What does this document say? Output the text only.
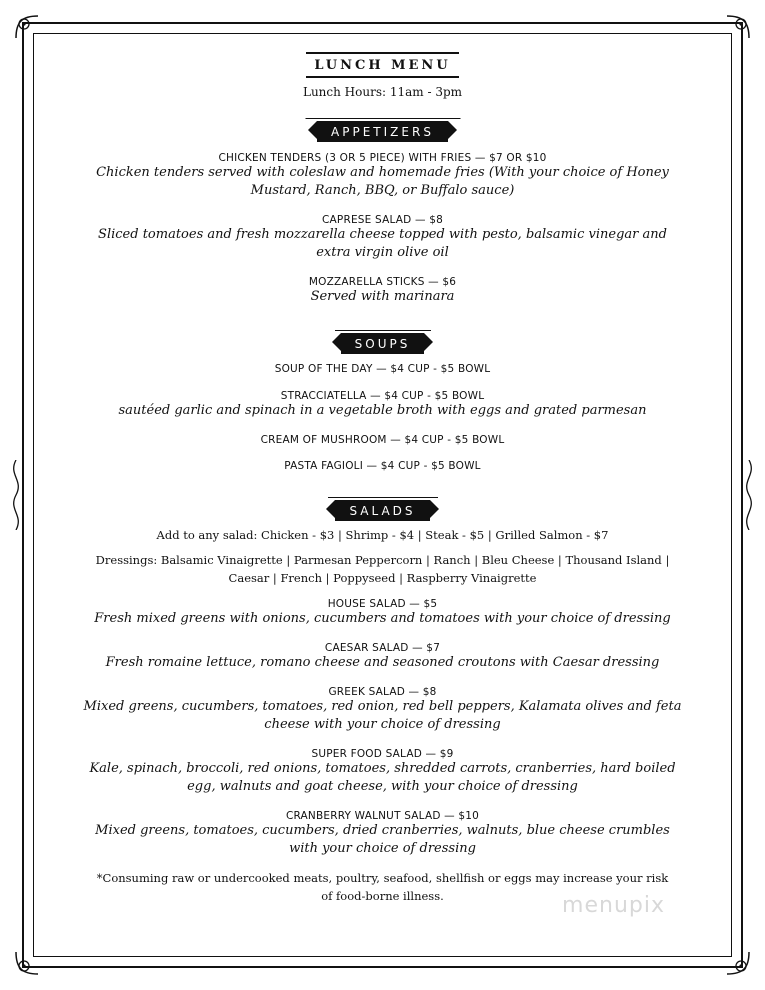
LUNCH MENU
Lunch Hours: 11am - 3pm
APPETIZERS
CHICKEN TENDERS (3 OR 5 PIECE) WITH FRIES — $7 OR $10
Chicken tenders served with coleslaw and homemade fries (With your choice of Honey
Mustard, Ranch, BBQ, or Buffalo sauce)
CAPRESE SALAD — $8
Sliced tomatoes and fresh mozzarella cheese topped with pesto, balsamic vinegar and
extra virgin olive oil
MOZZARELLA STICKS — $6
Served with marinara
SOUPS
SOUP OF THE DAY — $4 CUP - $5 BOWL
STRACCIATELLA — $4 CUP - $5 BOWL
sautéed garlic and spinach in a vegetable broth with eggs and grated parmesan
CREAM OF MUSHROOM — $4 CUP - $5 BOWL
PASTA FAGIOLI — $4 CUP - $5 BOWL
SALADS
Add to any salad: Chicken - $3 | Shrimp - $4 | Steak - $5 | Grilled Salmon - $7
Dressings: Balsamic Vinaigrette | Parmesan Peppercorn | Ranch | Bleu Cheese | Thousand Island |
Caesar | French | Poppyseed | Raspberry Vinaigrette
HOUSE SALAD — $5
Fresh mixed greens with onions, cucumbers and tomatoes with your choice of dressing
CAESAR SALAD — $7
Fresh romaine lettuce, romano cheese and seasoned croutons with Caesar dressing
GREEK SALAD — $8
Mixed greens, cucumbers, tomatoes, red onion, red bell peppers, Kalamata olives and feta
cheese with your choice of dressing
SUPER FOOD SALAD — $9
Kale, spinach, broccoli, red onions, tomatoes, shredded carrots, cranberries, hard boiled
egg, walnuts and goat cheese, with your choice of dressing
CRANBERRY WALNUT SALAD — $10
Mixed greens, tomatoes, cucumbers, dried cranberries, walnuts, blue cheese crumbles
with your choice of dressing
*Consuming raw or undercooked meats, poultry, seafood, shellfish or eggs may increase your risk
of food-borne illness.	menupix
